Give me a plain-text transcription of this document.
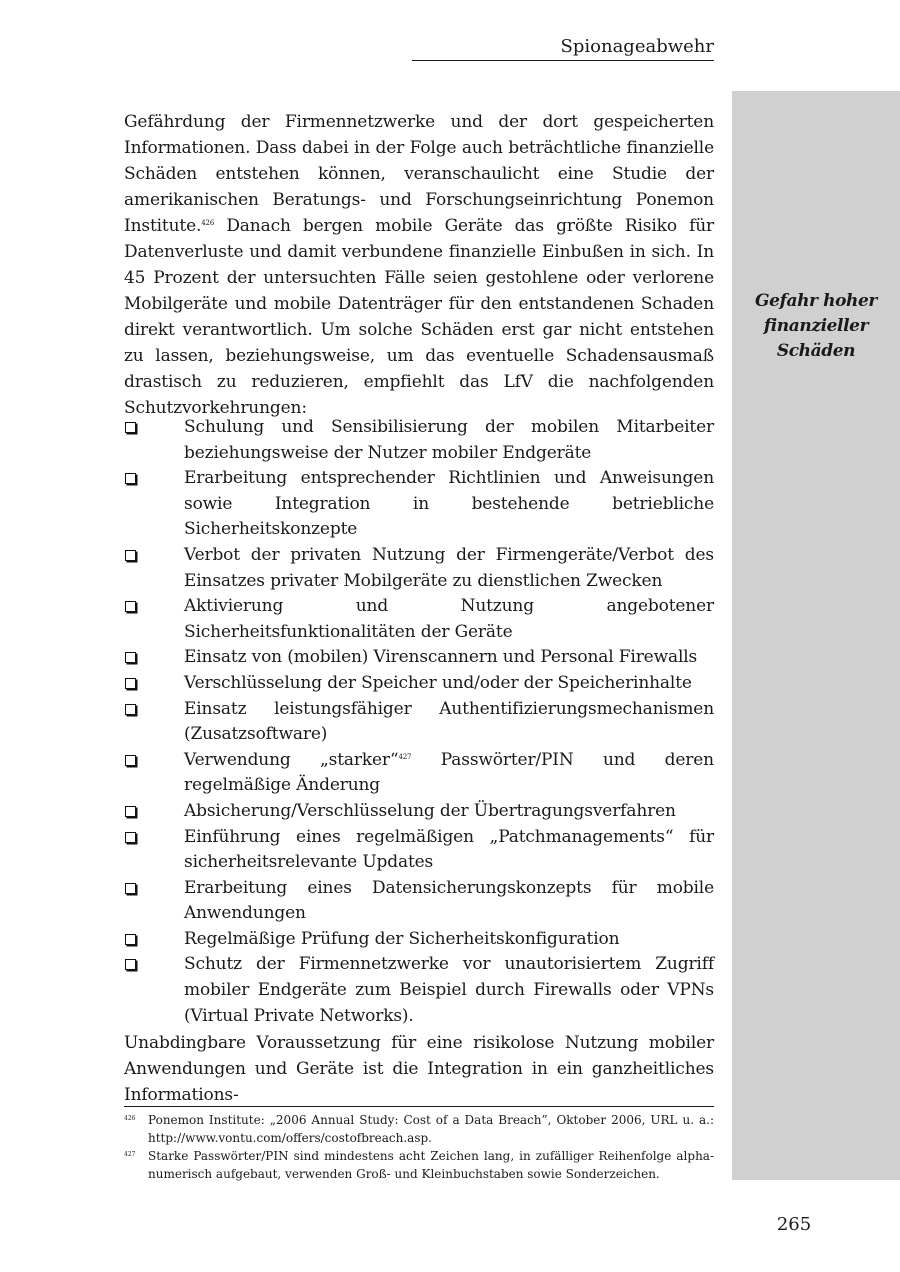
Spionageabwehr
Gefahr hoher
finanzieller
Schäden

Gefährdung der Firmennetzwerke und der dort gespeicherten Informationen. Dass dabei in der Folge auch beträchtliche finanzielle Schäden entstehen können, veranschaulicht eine Studie der amerikanischen Beratungs- und Forschungseinrichtung Ponemon Institute.$^{426}$ Danach bergen mobile Geräte das größte Risiko für Datenverluste und damit verbundene finanzielle Einbußen in sich. In 45 Prozent der untersuchten Fälle seien gestohlene oder verlorene Mobilgeräte und mobile Datenträger für den entstandenen Schaden direkt verantwortlich. Um solche Schäden erst gar nicht entstehen zu lassen, beziehungsweise, um das eventuelle Schadensausmaß drastisch zu reduzieren, empfiehlt das LfV die nachfolgenden Schutzvorkehrungen:

Schulung und Sensibilisierung der mobilen Mitarbeiter beziehungsweise der Nutzer mobiler Endgeräte
Erarbeitung entsprechender Richtlinien und Anweisungen sowie Integration in bestehende betriebliche Sicherheitskonzepte
Verbot der privaten Nutzung der Firmengeräte/Verbot des Einsatzes privater Mobilgeräte zu dienstlichen Zwecken
Aktivierung und Nutzung angebotener Sicherheitsfunktionalitäten der Geräte
Einsatz von (mobilen) Virenscannern und Personal Firewalls
Verschlüsselung der Speicher und/oder der Speicherinhalte
Einsatz leistungsfähiger Authentifizierungsmechanismen (Zusatzsoftware)
Verwendung „starker“$^{427}$ Passwörter/PIN und deren regelmäßige Änderung
Absicherung/Verschlüsselung der Übertragungsverfahren
Einführung eines regelmäßigen „Patchmanagements“ für sicherheitsrelevante Updates
Erarbeitung eines Datensicherungskonzepts für mobile Anwendungen
Regelmäßige Prüfung der Sicherheitskonfiguration
Schutz der Firmennetzwerke vor unautorisiertem Zugriff mobiler Endgeräte zum Beispiel durch Firewalls oder VPNs (Virtual Private Networks).

Unabdingbare Voraussetzung für eine risikolose Nutzung mobiler Anwendungen und Geräte ist die Integration in ein ganzheitliches Informations-

426 Ponemon Institute: „2006 Annual Study: Cost of a Data Breach”, Oktober 2006, URL u. a.: http://www.vontu.com/offers/costofbreach.asp.
427 Starke Passwörter/PIN sind mindestens acht Zeichen lang, in zufälliger Reihenfolge alpha-numerisch aufgebaut, verwenden Groß- und Kleinbuchstaben sowie Sonderzeichen.
265
